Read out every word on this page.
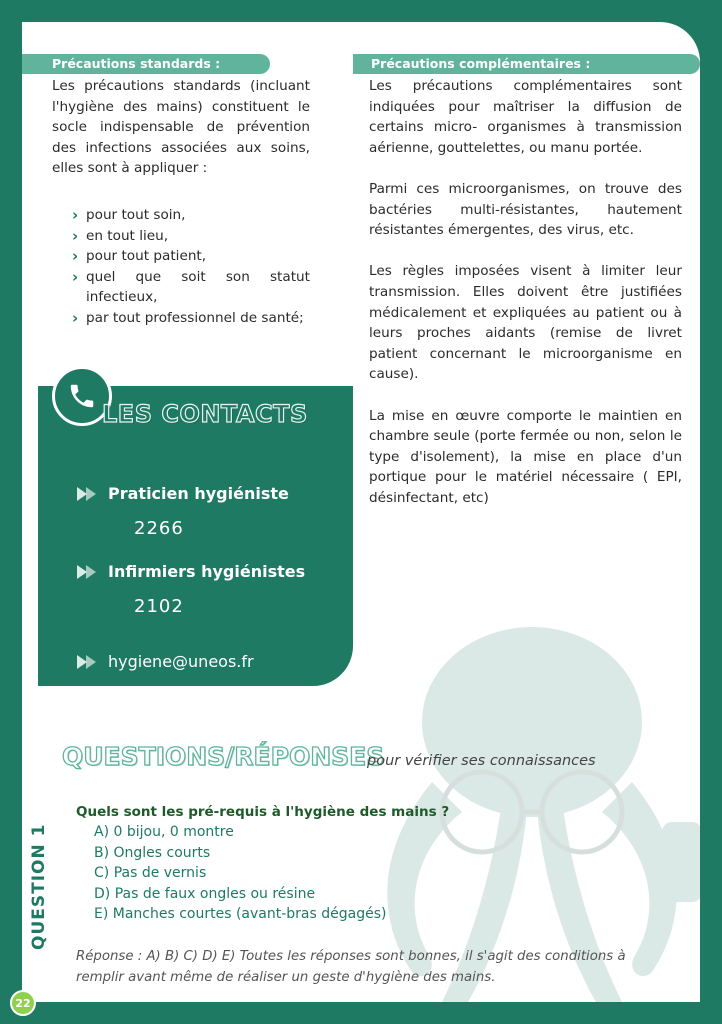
Précautions standards :	Précautions complémentaires :

Les précautions standards (incluant l'hygiène des mains) constituent le socle indispensable de prévention des infections associées aux soins, elles sont à appliquer :

› pour tout soin,
› en tout lieu,
› pour tout patient,
› quel que soit son statut infectieux,
› par tout professionnel de santé;

Les précautions complémentaires sont indiquées pour maîtriser la diffusion de certains micro- organismes à transmission aérienne, gouttelettes, ou manu portée.

Parmi ces microorganismes, on trouve des bactéries multi-résistantes, hautement résistantes émergentes, des virus, etc.

Les règles imposées visent à limiter leur transmission. Elles doivent être justifiées médicalement et expliquées au patient ou à leurs proches aidants (remise de livret patient concernant le microorganisme en cause).

La mise en œuvre comporte le maintien en chambre seule (porte fermée ou non, selon le type d'isolement), la mise en place d'un portique pour le matériel nécessaire ( EPI, désinfectant, etc)

LES CONTACTS
Praticien hygiéniste
2266
Infirmiers hygiénistes
2102
hygiene@uneos.fr
QUESTIONS/RÉPONSES
pour vérifier ses connaissances
QUESTION 1
Quels sont les pré-requis à l'hygiène des mains ?
A) 0 bijou, 0 montre
B) Ongles courts
C) Pas de vernis
D) Pas de faux ongles ou résine
E) Manches courtes (avant-bras dégagés)
Réponse : A) B) C) D) E) Toutes les réponses sont bonnes, il s'agit des conditions à remplir avant même de réaliser un geste d'hygiène des mains.
22
